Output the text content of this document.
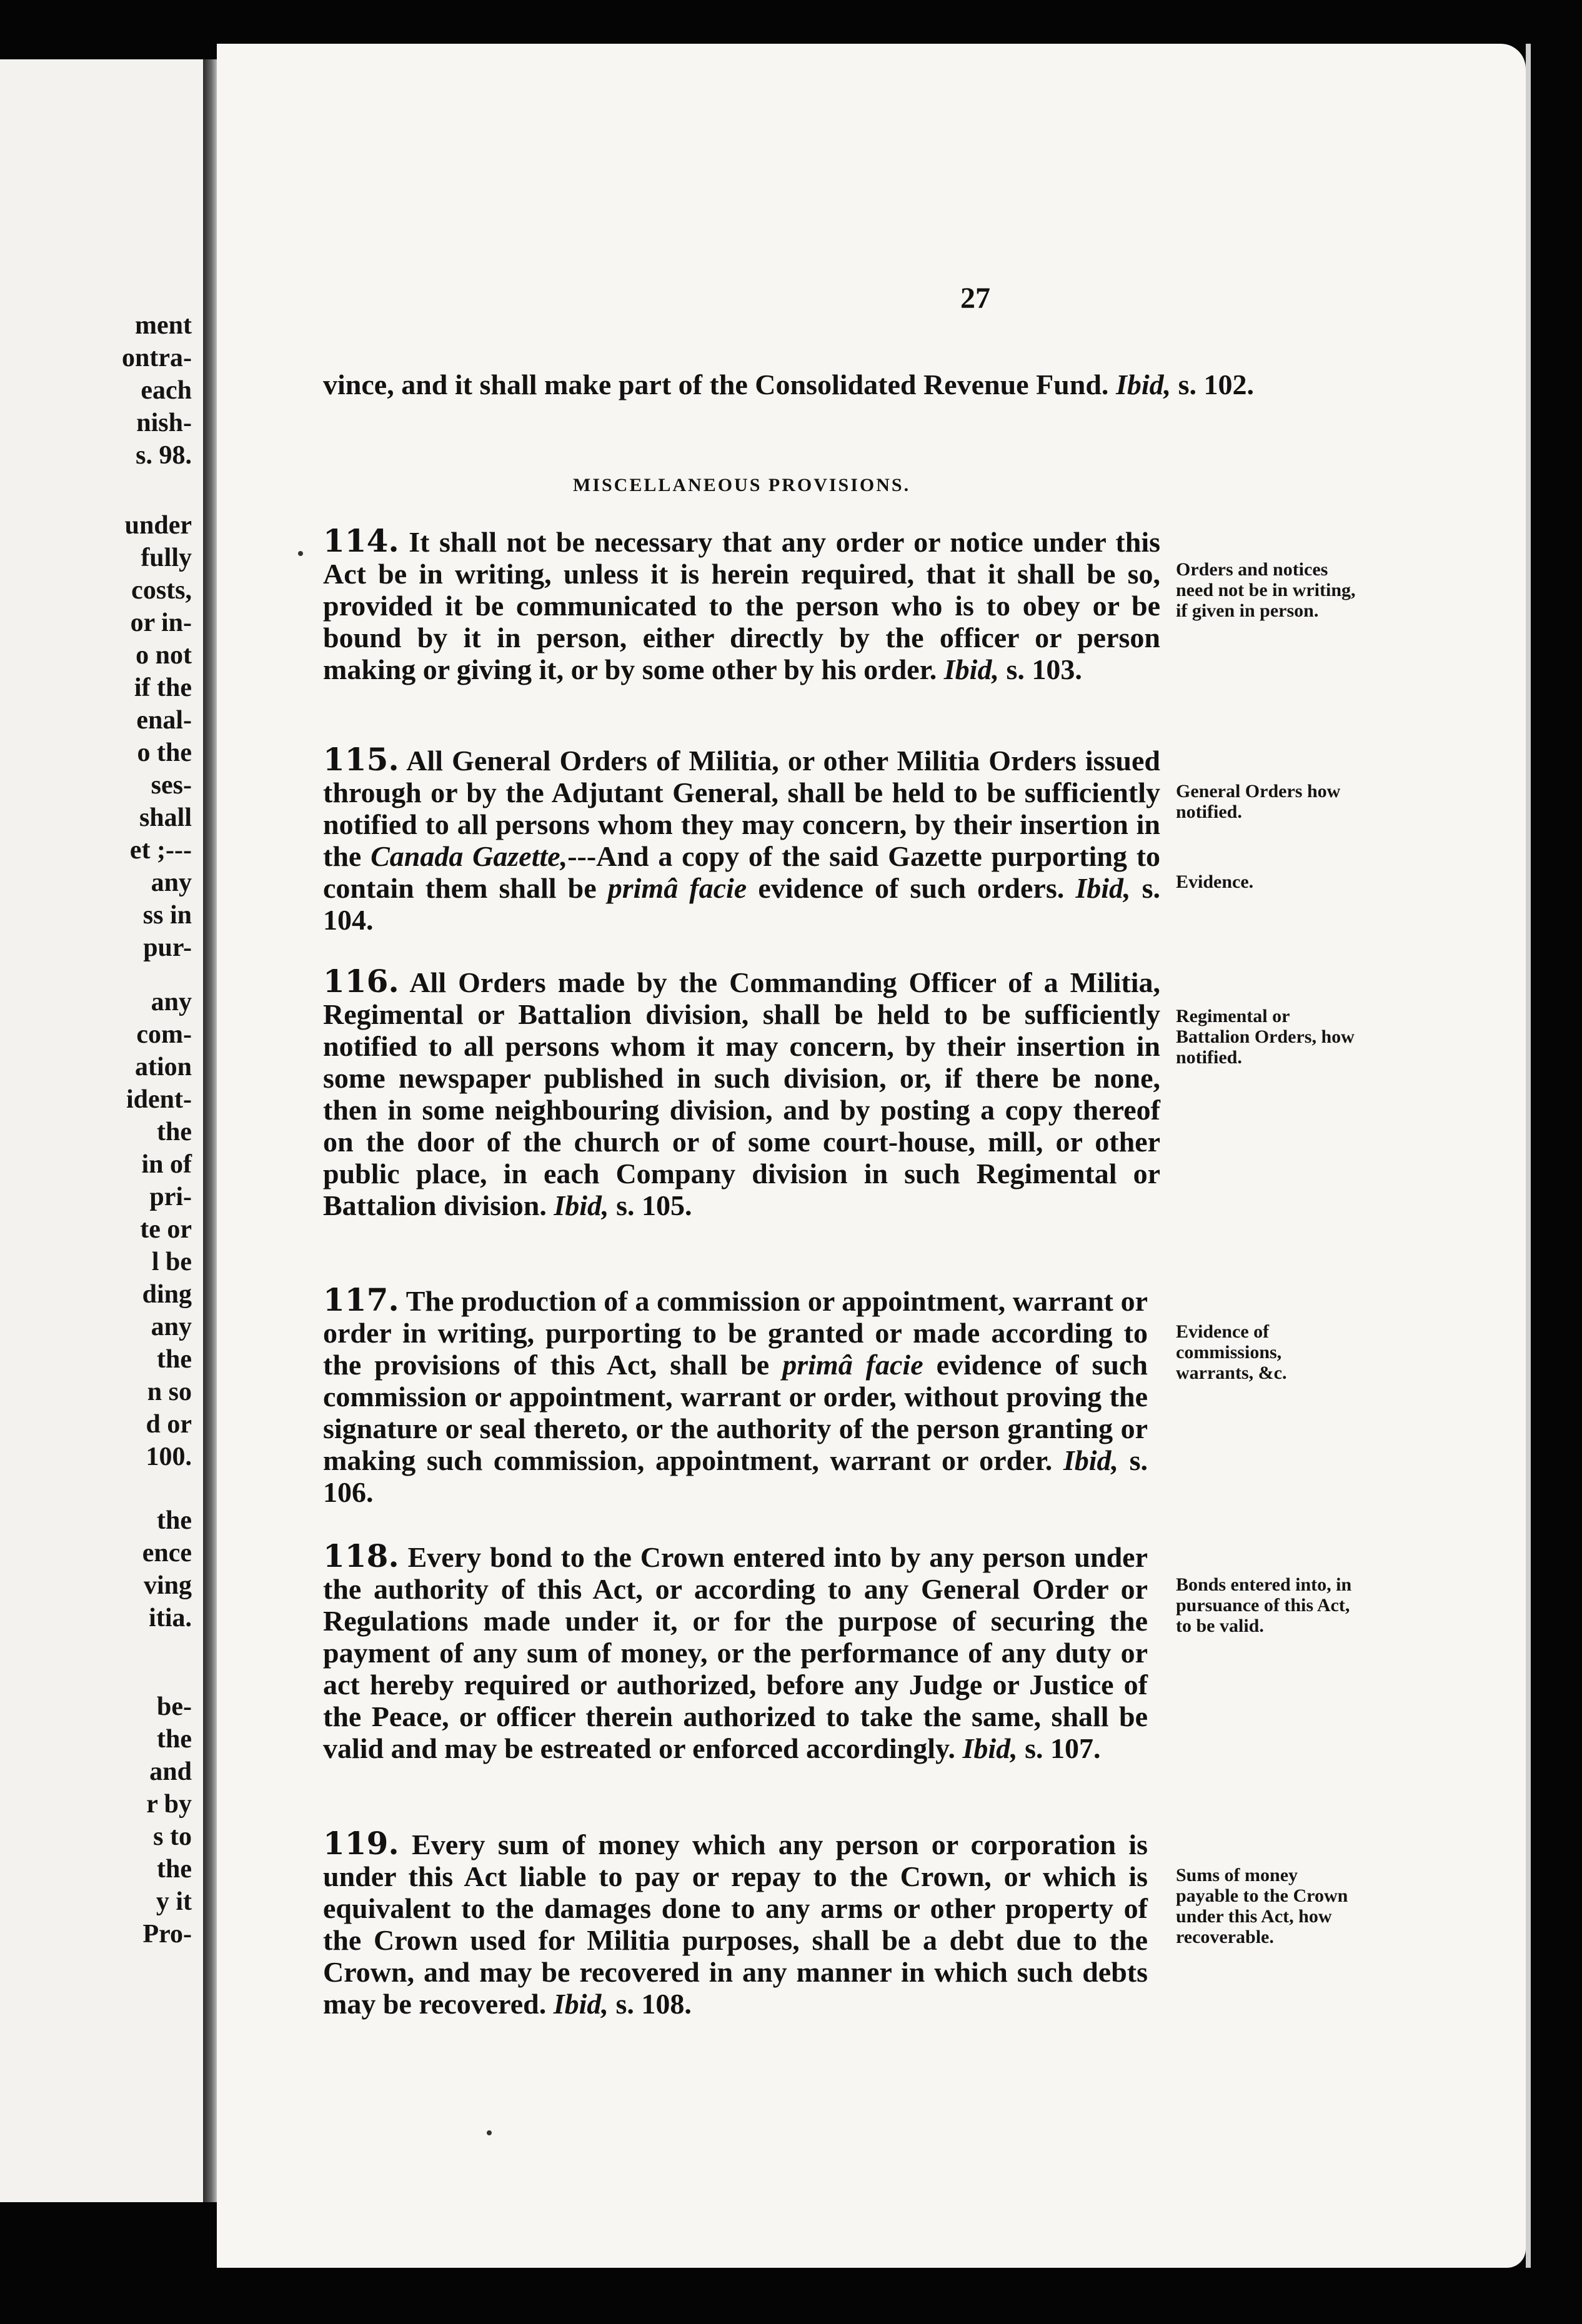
ment
ontra-
each
nish-
s. 98.
under
fully
costs,
or in-
o not
if the
enal-
o the
ses-
shall
et ;---
any
ss in
pur-
any
com-
ation
ident-
the
in of
pri-
te or
l be
ding
any
the
n so
d or
100.
the
ence
ving
itia.
be-
the
and
r by
s to
the
y it
Pro-
27
vince, and it shall make part of the Consolidated Revenue Fund. Ibid, s. 102.
MISCELLANEOUS PROVISIONS.
114. It shall not be necessary that any order or notice under this Act be in writing, unless it is herein required, that it shall be so, provided it be communicated to the person who is to obey or be bound by it in person, either directly by the officer or person making or giving it, or by some other by his order. Ibid, s. 103.
Orders and notices need not be in writing, if given in person.
115. All General Orders of Militia, or other Militia Orders issued through or by the Adjutant General, shall be held to be sufficiently notified to all persons whom they may concern, by their insertion in the Canada Gazette,---And a copy of the said Gazette purporting to contain them shall be primâ facie evidence of such orders. Ibid, s. 104.
General Orders how notified.
Evidence.
116. All Orders made by the Commanding Officer of a Militia, Regimental or Battalion division, shall be held to be sufficiently notified to all persons whom it may concern, by their insertion in some newspaper published in such division, or, if there be none, then in some neighbouring division, and by posting a copy thereof on the door of the church or of some court-house, mill, or other public place, in each Company division in such Regimental or Battalion division. Ibid, s. 105.
Regimental or Battalion Orders, how notified.
117. The production of a commission or appointment, warrant or order in writing, purporting to be granted or made according to the provisions of this Act, shall be primâ facie evidence of such commission or appointment, warrant or order, without proving the signature or seal thereto, or the authority of the person granting or making such commission, appointment, warrant or order. Ibid, s. 106.
Evidence of commissions, warrants, &c.
118. Every bond to the Crown entered into by any person under the authority of this Act, or according to any General Order or Regulations made under it, or for the purpose of securing the payment of any sum of money, or the performance of any duty or act hereby required or authorized, before any Judge or Justice of the Peace, or officer therein authorized to take the same, shall be valid and may be estreated or enforced accordingly. Ibid, s. 107.
Bonds entered into, in pursuance of this Act, to be valid.
119. Every sum of money which any person or corporation is under this Act liable to pay or repay to the Crown, or which is equivalent to the damages done to any arms or other property of the Crown used for Militia purposes, shall be a debt due to the Crown, and may be recovered in any manner in which such debts may be recovered. Ibid, s. 108.
Sums of money payable to the Crown under this Act, how recoverable.
